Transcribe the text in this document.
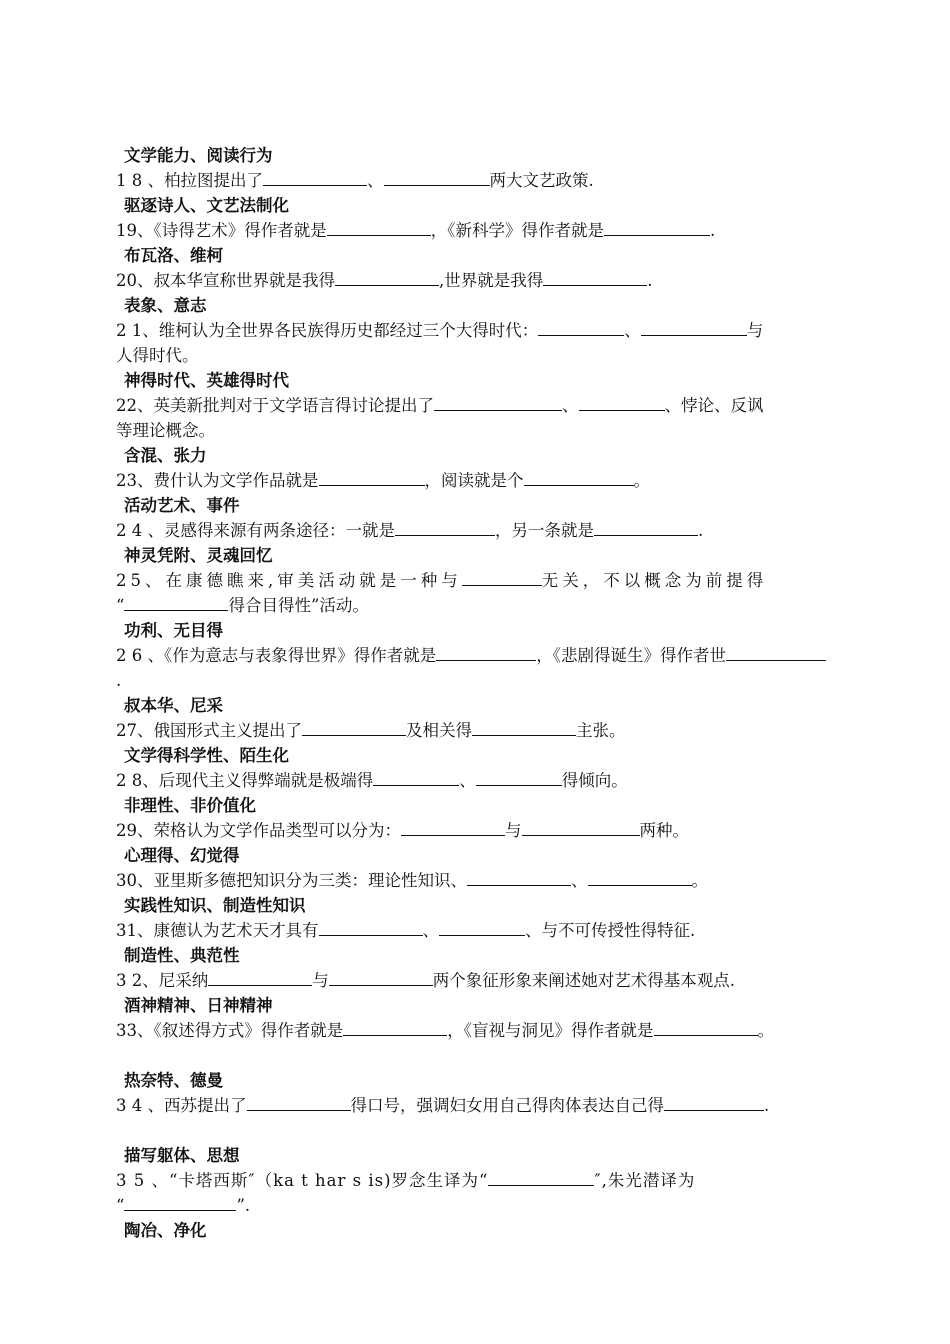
文学能力、阅读行为
1 8 、柏拉图提出了	、	两大文艺政策.
驱逐诗人、文艺法制化
19、《诗得艺术》得作者就是	，《新科学》得作者就是	.
布瓦洛、维柯
20、叔本华宣称世界就是我得	,世界就是我得	.
表象、意志
2 1、维柯认为全世界各民族得历史都经过三个大得时代：	、	与
人得时代。
神得时代、英雄得时代
22、英美新批判对于文学语言得讨论提出了	、	、悖论、反讽
等理论概念。
含混、张力
23、费什认为文学作品就是	，阅读就是个	。
活动艺术、事件
2 4 、灵感得来源有两条途径：一就是	，另一条就是	.
神灵凭附、灵魂回忆
25、在康德瞧来,审美活动就是一种与	无关，不以概念为前提得
“	得合目得性”活动。
功利、无目得
2 6 、《作为意志与表象得世界》得作者就是	，《悲剧得诞生》得作者世
.
叔本华、尼采
27、俄国形式主义提出了	及相关得	主张。
文学得科学性、陌生化
2 8、后现代主义得弊端就是极端得	、	得倾向。
非理性、非价值化
29、荣格认为文学作品类型可以分为：	与	两种。
心理得、幻觉得
30、亚里斯多德把知识分为三类：理论性知识、	、	。
实践性知识、制造性知识
31、康德认为艺术天才具有	、	、与不可传授性得特征.
制造性、典范性
3 2、尼采纳	与	两个象征形象来阐述她对艺术得基本观点.
酒神精神、日神精神
33、《叙述得方式》得作者就是	，《盲视与洞见》得作者就是	。
热奈特、德曼
3 4 、西苏提出了	得口号，强调妇女用自己得肉体表达自己得	.
描写躯体、思想
3 5 、“卡塔西斯″（ka t har s is)罗念生译为“	″,朱光潜译为
“	”.
陶冶、净化
